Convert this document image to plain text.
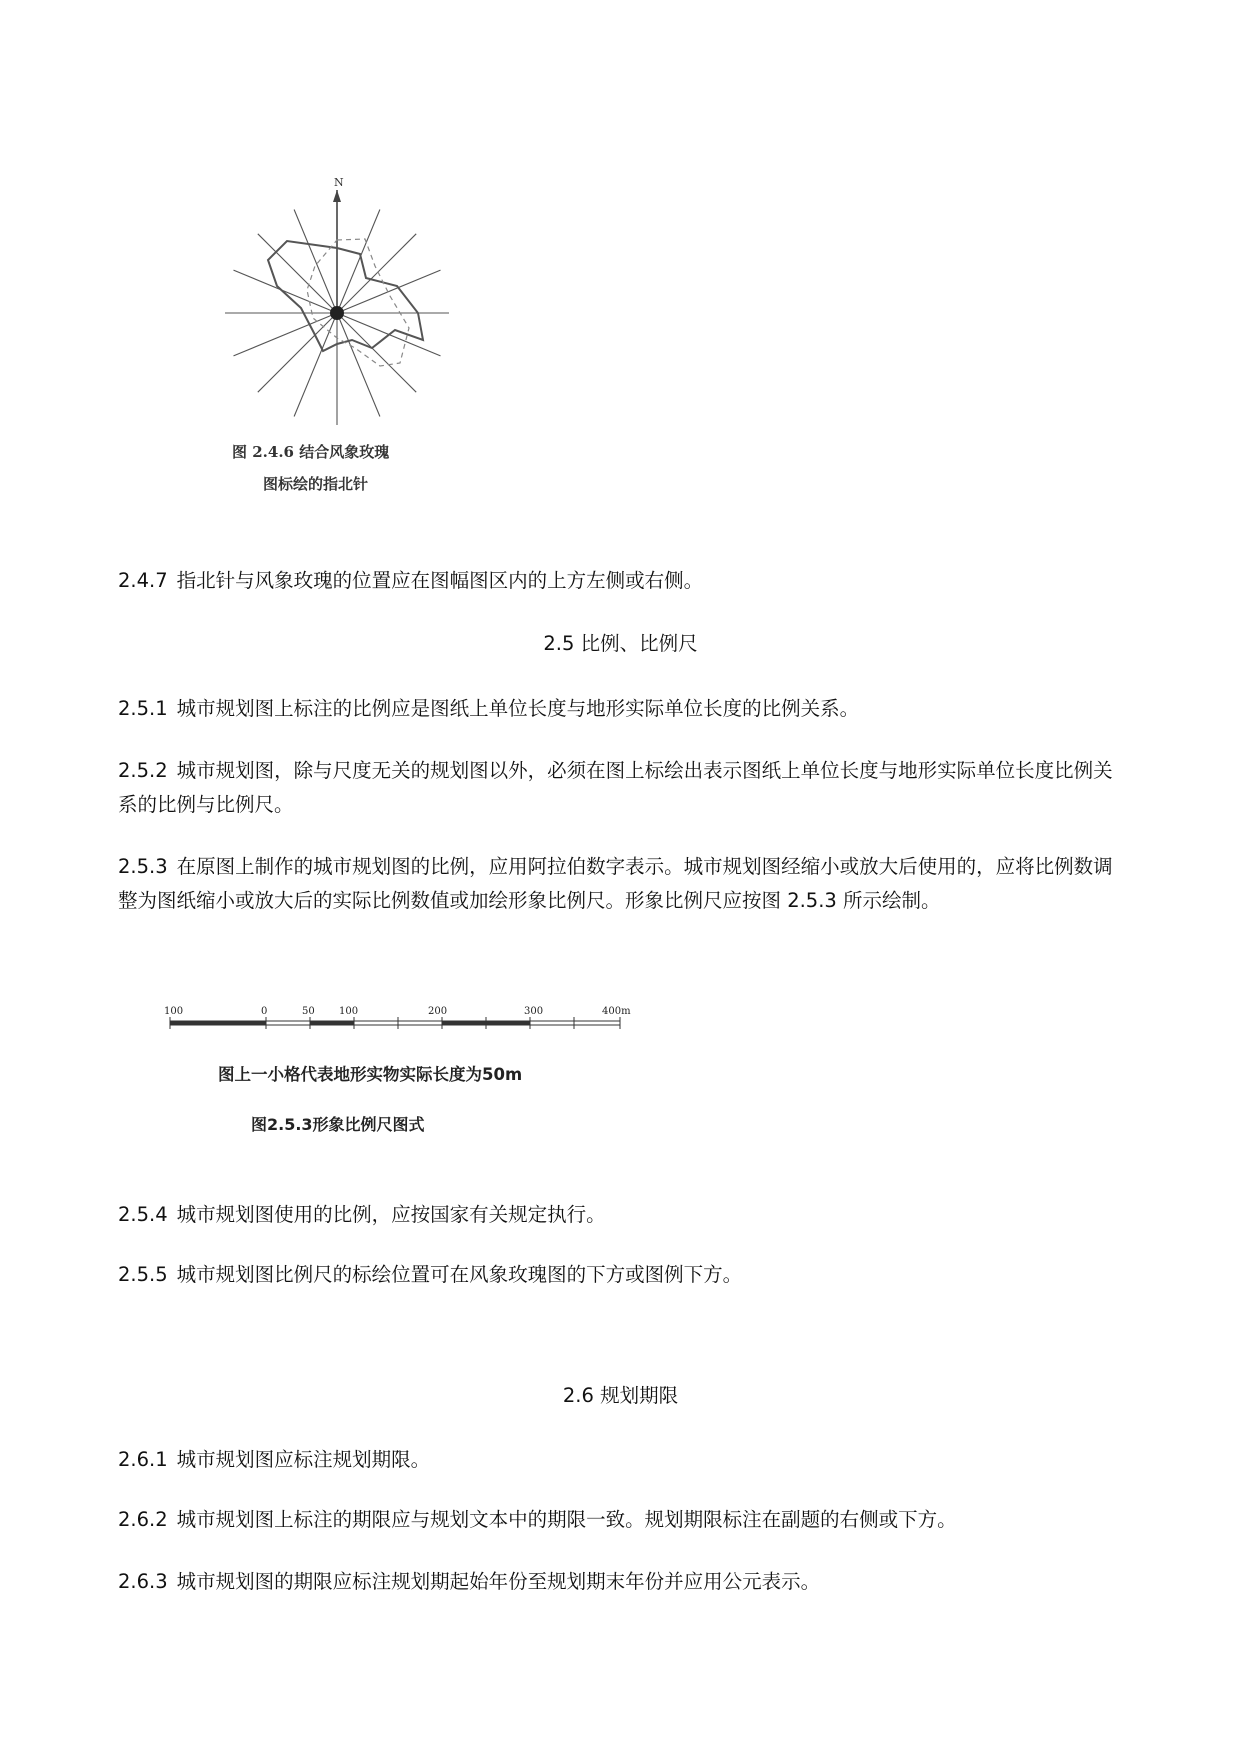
N
图 2.4.6 结合风象玫瑰
图标绘的指北针

2.4.7 指北针与风象玫瑰的位置应在图幅图区内的上方左侧或右侧。

2.5 比例、比例尺

2.5.1 城市规划图上标注的比例应是图纸上单位长度与地形实际单位长度的比例关系。

2.5.2 城市规划图，除与尺度无关的规划图以外，必须在图上标绘出表示图纸上单位长度与地形实际单位长度比例关系的比例与比例尺。

2.5.3 在原图上制作的城市规划图的比例，应用阿拉伯数字表示。城市规划图经缩小或放大后使用的，应将比例数调整为图纸缩小或放大后的实际比例数值或加绘形象比例尺。形象比例尺应按图 2.5.3 所示绘制。

100	0	50 100	200	300	400m
图上一小格代表地形实物实际长度为50m
图2.5.3形象比例尺图式

2.5.4 城市规划图使用的比例，应按国家有关规定执行。

2.5.5 城市规划图比例尺的标绘位置可在风象玫瑰图的下方或图例下方。

2.6 规划期限

2.6.1 城市规划图应标注规划期限。

2.6.2 城市规划图上标注的期限应与规划文本中的期限一致。规划期限标注在副题的右侧或下方。

2.6.3 城市规划图的期限应标注规划期起始年份至规划期末年份并应用公元表示。
